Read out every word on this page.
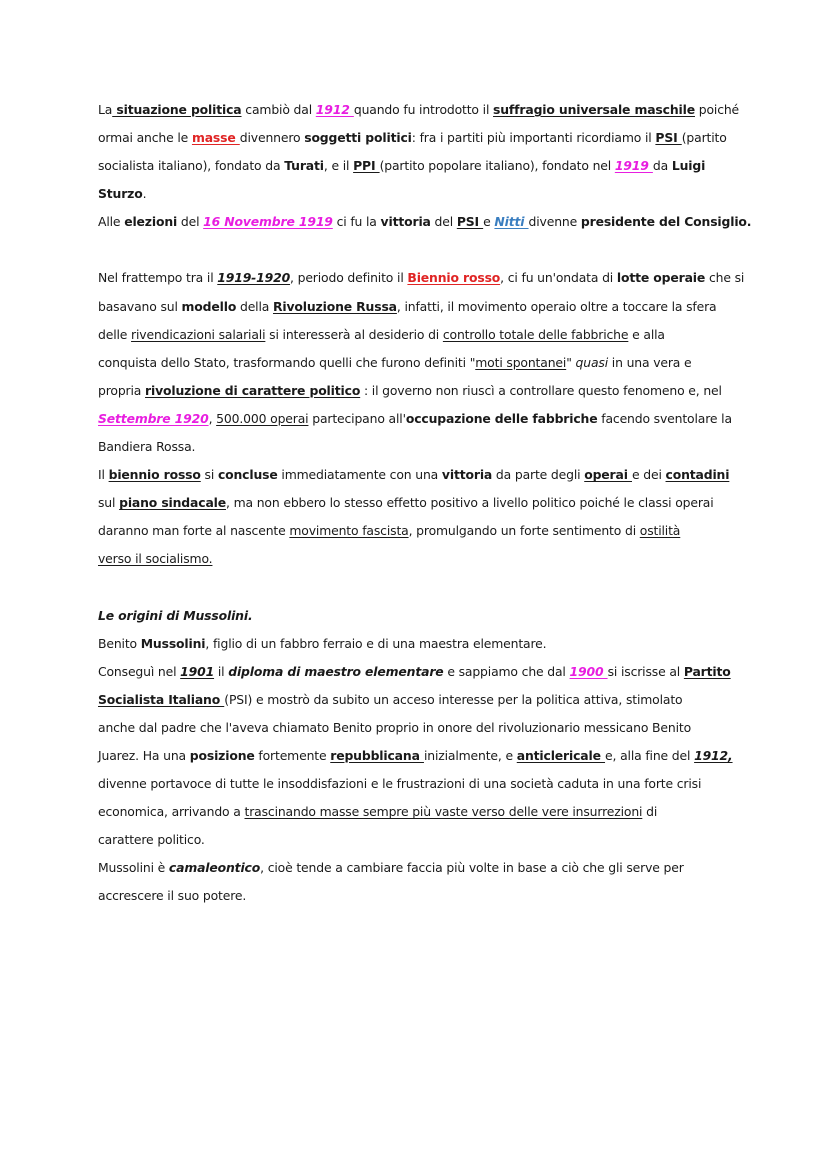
La situazione politica cambiò dal 1912 quando fu introdotto il suffragio universale maschile poiché

ormai anche le masse divennero soggetti politici: fra i partiti più importanti ricordiamo il PSI (partito

socialista italiano), fondato da Turati, e il PPI (partito popolare italiano), fondato nel 1919 da Luigi

Sturzo.

Alle elezioni del 16 Novembre 1919 ci fu la vittoria del PSI e Nitti divenne presidente del Consiglio.

Nel frattempo tra il 1919-1920, periodo definito il Biennio rosso, ci fu un'ondata di lotte operaie che si

basavano sul modello della Rivoluzione Russa, infatti, il movimento operaio oltre a toccare la sfera

delle rivendicazioni salariali si interesserà al desiderio di controllo totale delle fabbriche e alla

conquista dello Stato, trasformando quelli che furono definiti "moti spontanei" quasi in una vera e

propria rivoluzione di carattere politico : il governo non riuscì a controllare questo fenomeno e, nel

Settembre 1920, 500.000 operai partecipano all'occupazione delle fabbriche facendo sventolare la

Bandiera Rossa.

Il biennio rosso si concluse immediatamente con una vittoria da parte degli operai e dei contadini

sul piano sindacale, ma non ebbero lo stesso effetto positivo a livello politico poiché le classi operai

daranno man forte al nascente movimento fascista, promulgando un forte sentimento di ostilità

verso il socialismo.

Le origini di Mussolini.

Benito Mussolini, figlio di un fabbro ferraio e di una maestra elementare.

Conseguì nel 1901 il diploma di maestro elementare e sappiamo che dal 1900 si iscrisse al Partito

Socialista Italiano (PSI) e mostrò da subito un acceso interesse per la politica attiva, stimolato

anche dal padre che l'aveva chiamato Benito proprio in onore del rivoluzionario messicano Benito

Juarez. Ha una posizione fortemente repubblicana inizialmente, e anticlericale e, alla fine del 1912,

divenne portavoce di tutte le insoddisfazioni e le frustrazioni di una società caduta in una forte crisi

economica, arrivando a trascinando masse sempre più vaste verso delle vere insurrezioni di

carattere politico.

Mussolini è camaleontico, cioè tende a cambiare faccia più volte in base a ciò che gli serve per

accrescere il suo potere.
